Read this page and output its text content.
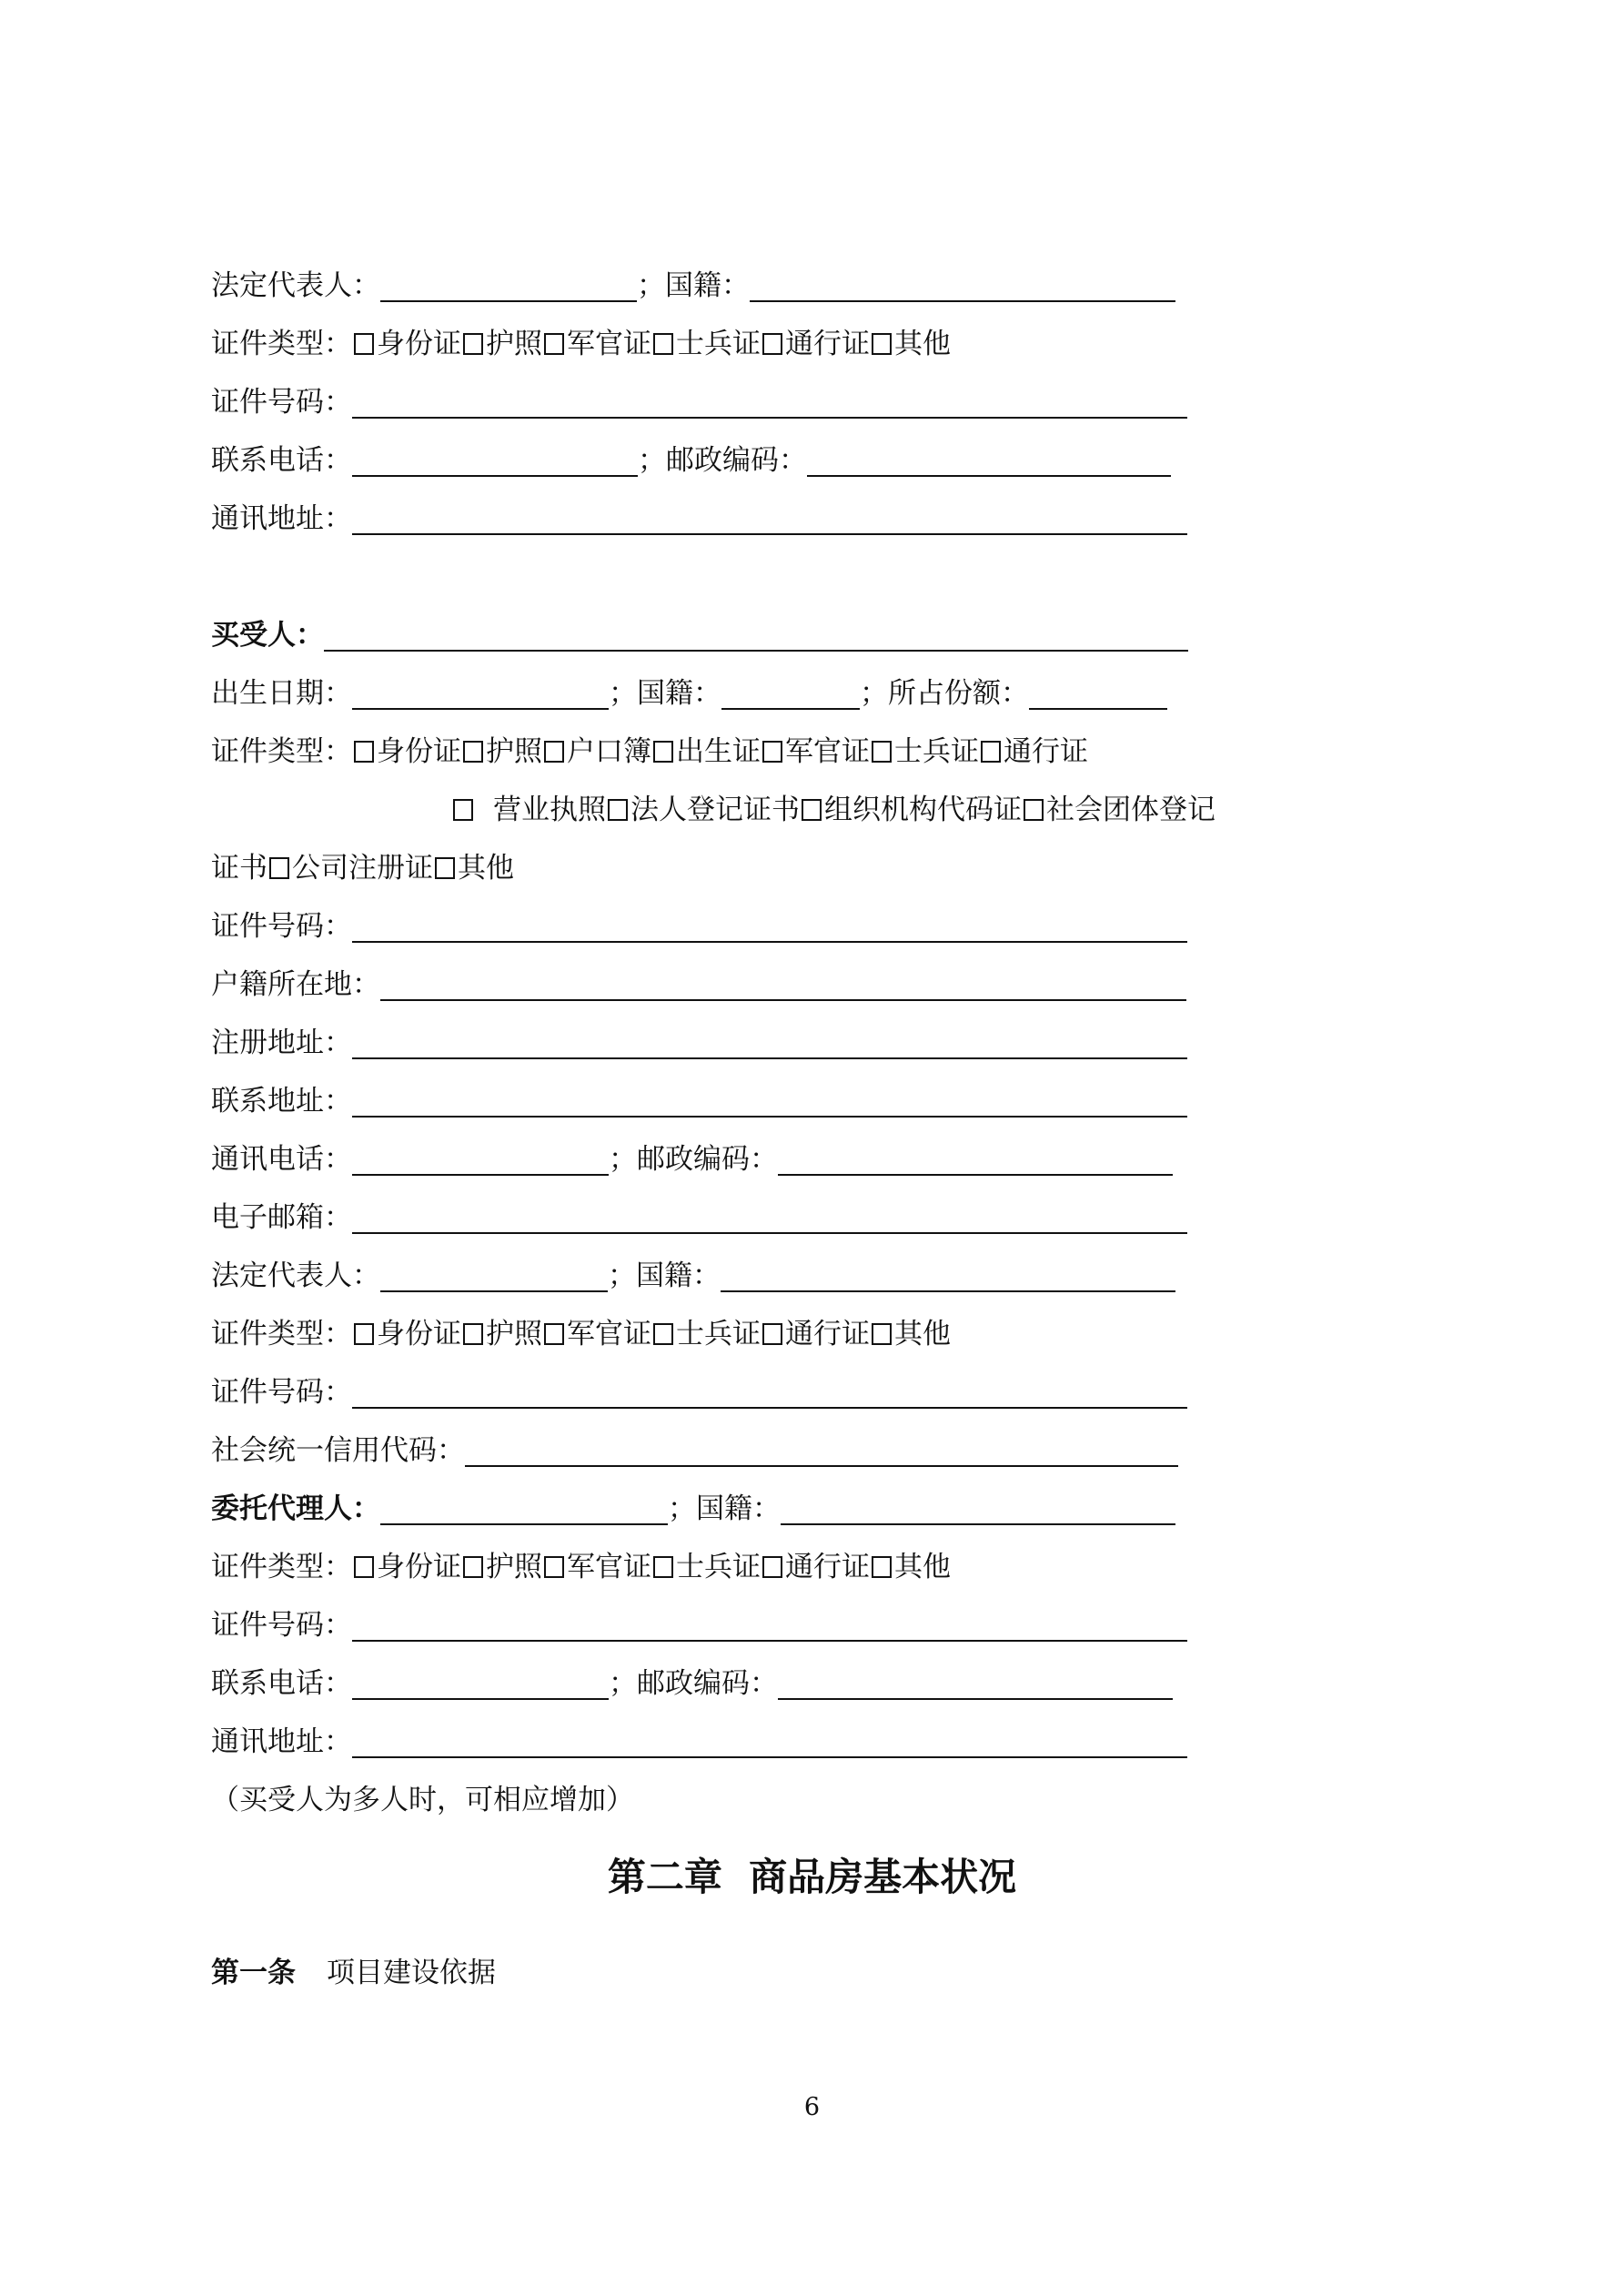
法定代表人：	；国籍：
证件类型： 身份证 护照 军官证 士兵证 通行证 其他
证件号码：
联系电话：	；邮政编码：
通讯地址：
买受人：
出生日期：	；国籍：	；所占份额：
证件类型： 身份证 护照 户口簿 出生证 军官证 士兵证 通行证
营业执照 法人登记证书 组织机构代码证 社会团体登记
证书 公司注册证 其他
证件号码：
户籍所在地：
注册地址：
联系地址：
通讯电话：	；邮政编码：
电子邮箱：
法定代表人：	；国籍：
证件类型： 身份证 护照 军官证 士兵证 通行证 其他
证件号码：
社会统一信用代码：
委托代理人：	；国籍：
证件类型： 身份证 护照 军官证 士兵证 通行证 其他
证件号码：
联系电话：	；邮政编码：
通讯地址：
（买受人为多人时，可相应增加）
第二章  商品房基本状况
第一条 项目建设依据
6
